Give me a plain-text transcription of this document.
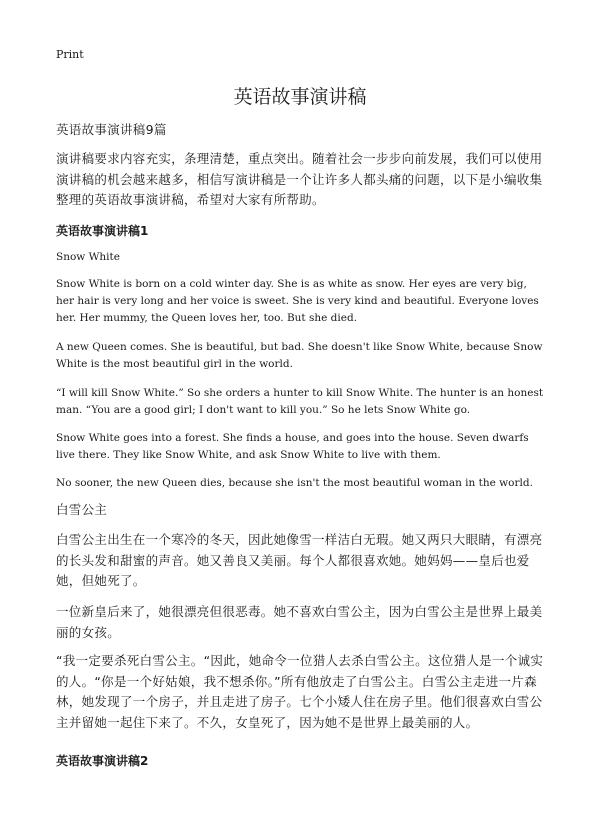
Print
英语故事演讲稿
英语故事演讲稿9篇
演讲稿要求内容充实，条理清楚，重点突出。随着社会一步步向前发展，我们可以使用演讲稿的机会越来越多，相信写演讲稿是一个让许多人都头痛的问题，以下是小编收集整理的英语故事演讲稿，希望对大家有所帮助。
英语故事演讲稿1
Snow White
Snow White is born on a cold winter day. She is as white as snow. Her eyes are very big, her hair is very long and her voice is sweet. She is very kind and beautiful. Everyone loves her. Her mummy, the Queen loves her, too. But she died.
A new Queen comes. She is beautiful, but bad. She doesn't like Snow White, because Snow White is the most beautiful girl in the world.
“I will kill Snow White.” So she orders a hunter to kill Snow White. The hunter is an honest man. “You are a good girl; I don't want to kill you.” So he lets Snow White go.
Snow White goes into a forest. She finds a house, and goes into the house. Seven dwarfs live there. They like Snow White, and ask Snow White to live with them.
No sooner, the new Queen dies, because she isn't the most beautiful woman in the world.
白雪公主
白雪公主出生在一个寒冷的冬天，因此她像雪一样洁白无瑕。她又两只大眼睛，有漂亮的长头发和甜蜜的声音。她又善良又美丽。每个人都很喜欢她。她妈妈——皇后也爱她，但她死了。
一位新皇后来了，她很漂亮但很恶毒。她不喜欢白雪公主，因为白雪公主是世界上最美丽的女孩。
“我一定要杀死白雪公主。“因此，她命令一位猎人去杀白雪公主。这位猎人是一个诚实的人。“你是一个好姑娘，我不想杀你。”所有他放走了白雪公主。白雪公主走进一片森林，她发现了一个房子，并且走进了房子。七个小矮人住在房子里。他们很喜欢白雪公主并留她一起住下来了。不久，女皇死了，因为她不是世界上最美丽的人。
英语故事演讲稿2
